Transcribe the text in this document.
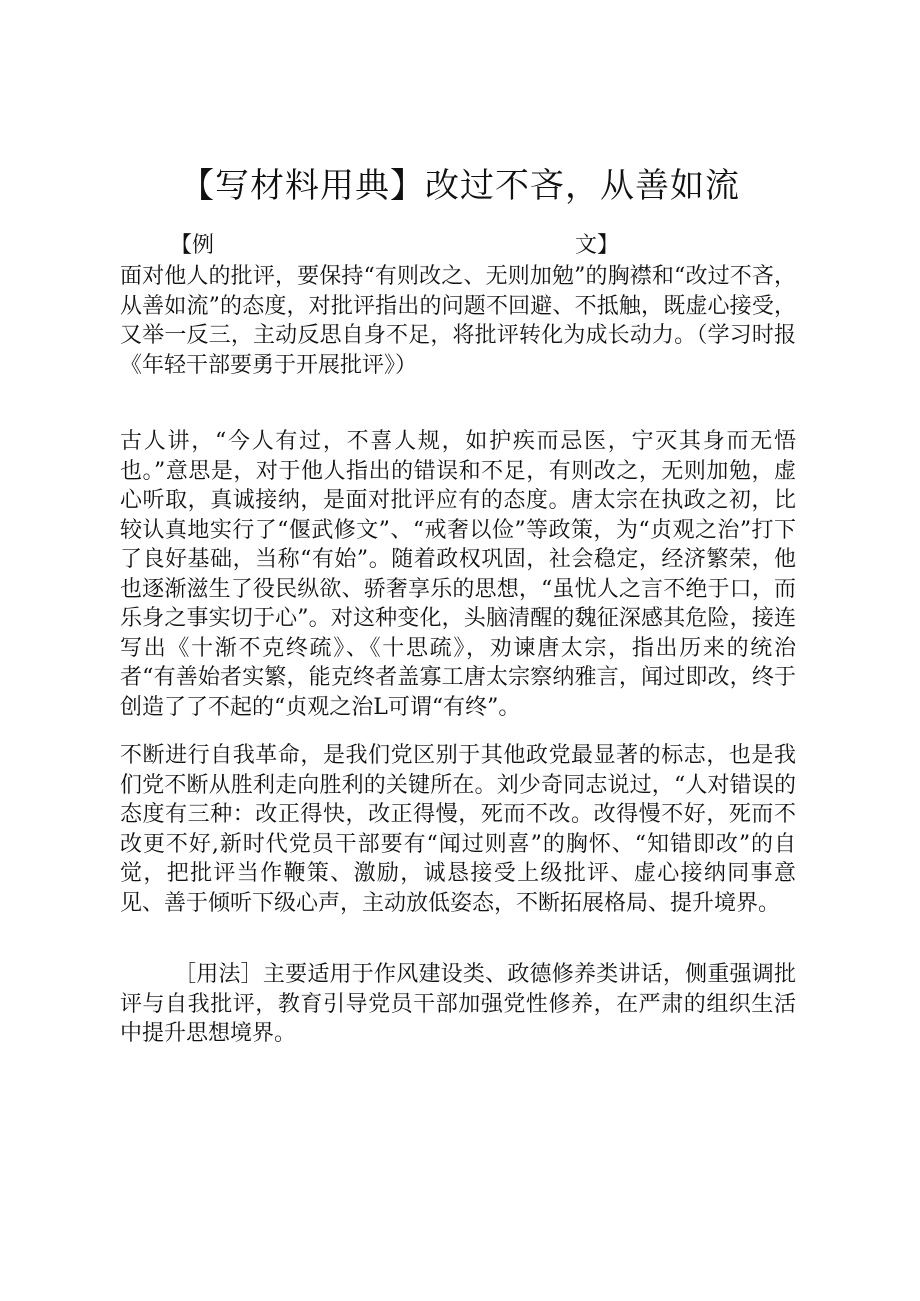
【写材料用典】改过不吝，从善如流
【例	文】

面对他人的批评，要保持“有则改之、无则加勉”的胸襟和“改过不吝，从善如流”的态度，对批评指出的问题不回避、不抵触，既虚心接受，又举一反三，主动反思自身不足，将批评转化为成长动力。（学习时报《年轻干部要勇于开展批评》）

古人讲，“今人有过，不喜人规，如护疾而忌医，宁灭其身而无悟也。”意思是，对于他人指出的错误和不足，有则改之，无则加勉，虚心听取，真诚接纳，是面对批评应有的态度。唐太宗在执政之初，比较认真地实行了“偃武修文”、“戒奢以俭”等政策，为“贞观之治”打下了良好基础，当称“有始”。随着政权巩固，社会稳定，经济繁荣，他也逐渐滋生了役民纵欲、骄奢享乐的思想，“虽忧人之言不绝于口，而乐身之事实切于心”。对这种变化，头脑清醒的魏征深感其危险，接连写出《十渐不克终疏》、《十思疏》，劝谏唐太宗，指出历来的统治者“有善始者实繁，能克终者盖寡工唐太宗察纳雅言，闻过即改，终于创造了了不起的“贞观之治L可谓“有终”。

不断进行自我革命，是我们党区别于其他政党最显著的标志，也是我们党不断从胜利走向胜利的关键所在。刘少奇同志说过，“人对错误的态度有三种：改正得快，改正得慢，死而不改。改得慢不好，死而不改更不好,新时代党员干部要有“闻过则喜”的胸怀、“知错即改”的自觉，把批评当作鞭策、激励，诚恳接受上级批评、虚心接纳同事意见、善于倾听下级心声，主动放低姿态，不断拓展格局、提升境界。

［用法］主要适用于作风建设类、政德修养类讲话，侧重强调批评与自我批评，教育引导党员干部加强党性修养，在严肃的组织生活中提升思想境界。
